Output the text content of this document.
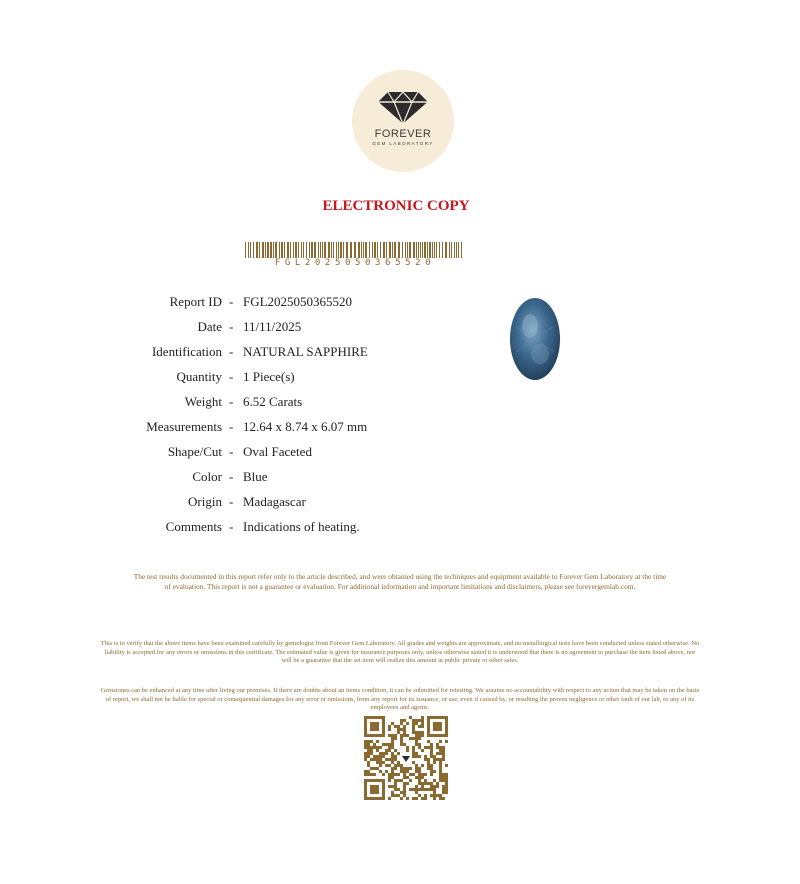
FOREVER
GEM LABORATORY
ELECTRONIC COPY
FGL2025050365520
Report ID - FGL2025050365520
Date - 11/11/2025
Identification - NATURAL SAPPHIRE
Quantity - 1 Piece(s)
Weight - 6.52 Carats
Measurements - 12.64 x 8.74 x 6.07 mm
Shape/Cut - Oval Faceted
Color - Blue
Origin - Madagascar
Comments - Indications of heating.
The test results documented in this report refer only to the article described, and were obtained using the techniques and equipment available to Forever Gem Laboratory at the time of evaluation. This report is not a guarantee or evaluation. For additional information and important limitations and disclaimers, please see forevergemlab.com.
This is to verify that the above items have been examined carefully by gemologist from Forever Gem Laboratory. All grades and weights are approximate, and no metallurgical tests have been conducted unless stated otherwise. No liability is accepted for any errors or omissions in this certificate. The estimated value is given for insurance purposes only, unless otherwise stated it is understood that there is no agreement to purchase the item listed above, nor will be a guarantee that the set item will realize this amount at public private or other sales.
Gemstones can be enhanced at any time after living our premises. If there are doubts about an items condition, it can be submitted for retesting. We assume no accountability with respect to any action that may be taken on the basis of report, we shall not be liable for special or consequential damages for any error or omissions, from any report for its issuance, or use, even if caused by, or resulting the proven negligence or other fault of our lab, or any of its employees and agents.
